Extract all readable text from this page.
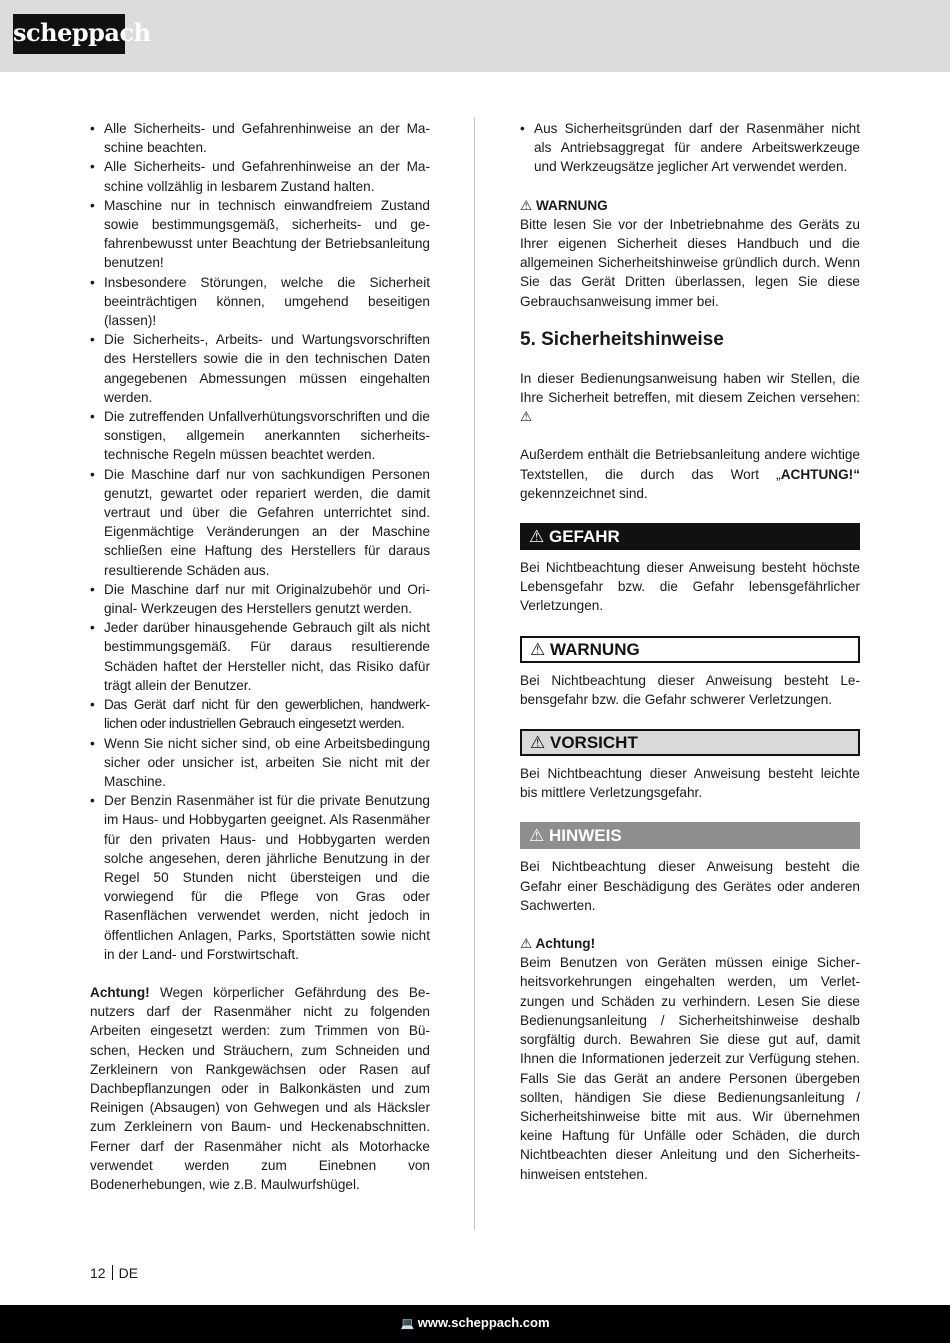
scheppach
• Alle Sicherheits- und Gefahrenhinweise an der Maschine beachten.
• Alle Sicherheits- und Gefahrenhinweise an der Maschine vollzählig in lesbarem Zustand halten.
• Maschine nur in technisch einwandfreiem Zustand sowie bestimmungsgemäß, sicherheits- und gefahrenbewusst unter Beachtung der Betriebsanleitung benutzen!
• Insbesondere Störungen, welche die Sicherheit beeinträchtigen können, umgehend beseitigen (lassen)!
• Die Sicherheits-, Arbeits- und Wartungsvorschriften des Herstellers sowie die in den technischen Daten angegebenen Abmessungen müssen eingehalten werden.
• Die zutreffenden Unfallverhütungsvorschriften und die sonstigen, allgemein anerkannten sicherheitstechnische Regeln müssen beachtet werden.
• Die Maschine darf nur von sachkundigen Personen genutzt, gewartet oder repariert werden, die damit vertraut und über die Gefahren unterrichtet sind. Eigenmächtige Veränderungen an der Maschine schließen eine Haftung des Herstellers für daraus resultierende Schäden aus.
• Die Maschine darf nur mit Originalzubehör und Original- Werkzeugen des Herstellers genutzt werden.
• Jeder darüber hinausgehende Gebrauch gilt als nicht bestimmungsgemäß. Für daraus resultierende Schäden haftet der Hersteller nicht, das Risiko dafür trägt allein der Benutzer.
• Das Gerät darf nicht für den gewerblichen, handwerklichen oder industriellen Gebrauch eingesetzt werden.
• Wenn Sie nicht sicher sind, ob eine Arbeitsbedingung sicher oder unsicher ist, arbeiten Sie nicht mit der Maschine.
• Der Benzin Rasenmäher ist für die private Benutzung im Haus- und Hobbygarten geeignet. Als Rasenmäher für den privaten Haus- und Hobbygarten werden solche angesehen, deren jährliche Benutzung in der Regel 50 Stunden nicht übersteigen und die vorwiegend für die Pflege von Gras oder Rasenflächen verwendet werden, nicht jedoch in öffentlichen Anlagen, Parks, Sportstätten sowie nicht in der Land- und Forstwirtschaft.

Achtung! Wegen körperlicher Gefährdung des Benutzers darf der Rasenmäher nicht zu folgenden Arbeiten eingesetzt werden: zum Trimmen von Büschen, Hecken und Sträuchern, zum Schneiden und Zerkleinern von Rankgewächsen oder Rasen auf Dachbepflanzungen oder in Balkonkästen und zum Reinigen (Absaugen) von Gehwegen und als Häcksler zum Zerkleinern von Baum- und Heckenabschnitten. Ferner darf der Rasenmäher nicht als Motorhacke verwendet werden zum Einebnen von Bodenerhebungen, wie z.B. Maulwurfshügel.

• Aus Sicherheitsgründen darf der Rasenmäher nicht als Antriebsaggregat für andere Arbeitswerkzeuge und Werkzeugsätze jeglicher Art verwendet werden.
⚠ WARNUNG

Bitte lesen Sie vor der Inbetriebnahme des Geräts zu Ihrer eigenen Sicherheit dieses Handbuch und die allgemeinen Sicherheitshinweise gründlich durch. Wenn Sie das Gerät Dritten überlassen, legen Sie diese Gebrauchsanweisung immer bei.

5. Sicherheitshinweise

In dieser Bedienungsanweisung haben wir Stellen, die Ihre Sicherheit betreffen, mit diesem Zeichen versehen: ⚠

Außerdem enthält die Betriebsanleitung andere wichtige Textstellen, die durch das Wort „ACHTUNG!“ gekennzeichnet sind.

⚠ GEFAHR

Bei Nichtbeachtung dieser Anweisung besteht höchste Lebensgefahr bzw. die Gefahr lebensgefährlicher Verletzungen.

⚠ WARNUNG

Bei Nichtbeachtung dieser Anweisung besteht Lebensgefahr bzw. die Gefahr schwerer Verletzungen.

⚠ VORSICHT

Bei Nichtbeachtung dieser Anweisung besteht leichte bis mittlere Verletzungsgefahr.

⚠ HINWEIS

Bei Nichtbeachtung dieser Anweisung besteht die Gefahr einer Beschädigung des Gerätes oder anderen Sachwerten.

⚠ Achtung!

Beim Benutzen von Geräten müssen einige Sicherheitsvorkehrungen eingehalten werden, um Verletzungen und Schäden zu verhindern. Lesen Sie diese Bedienungsanleitung / Sicherheitshinweise deshalb sorgfältig durch. Bewahren Sie diese gut auf, damit Ihnen die Informationen jederzeit zur Verfügung stehen. Falls Sie das Gerät an andere Personen übergeben sollten, händigen Sie diese Bedienungsanleitung / Sicherheitshinweise bitte mit aus. Wir übernehmen keine Haftung für Unfälle oder Schäden, die durch Nichtbeachten dieser Anleitung und den Sicherheitshinweisen entstehen.

12 DE
💻 www.scheppach.com
